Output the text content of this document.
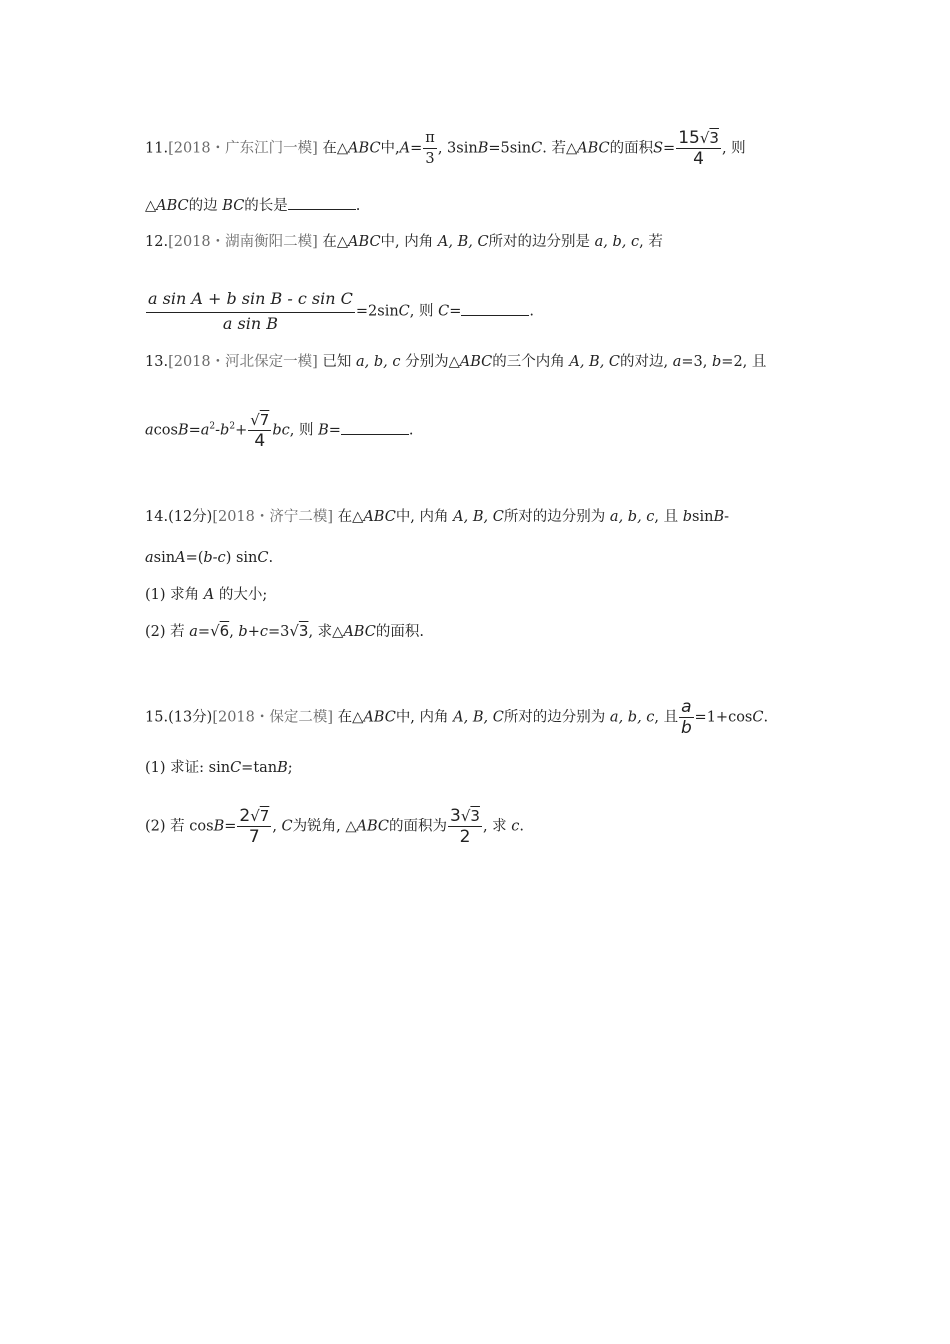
11.[2018・广东江门一模] 在△ABC中$,A= \frac{\pi}{3}$ , 3sinB=5sinC. 若△ABC的面积$S= \frac{15√3}{4}$ , 则
△ABC的边 BC的长是	.
12.[2018・湖南衡阳二模] 在△ABC中, 内角 A, B, C所对的边分别是 a, b, c, 若
$\frac{\text{a sin A + b sin B - c sin C}}{\text{a sin B}} =2\sin C$, 则 C=	.
13.[2018・河北保定一模] 已知 a, b, c 分别为△ABC的三个内角 A, B, C的对边, a=3, b=2, 且
$acosB=a^2-b^2+ \frac{√7}{4}$ bc, 则 B=	.
14.(12分)[2018・济宁二模] 在△ABC中, 内角 A, B, C所对的边分别为 a, b, c, 且 bsinB-
asinA=(b-c) sinC.
(1) 求角 A 的大小;
(2) 若 a=√6, b+c=3√3, 求△ABC的面积.
15.(13分)[2018・保定二模] 在△ABC中, 内角 A, B, C所对的边分别为 a, b, c, 且 $\frac{a}{b} =1+\cos C$.
(1) 求证: sinC=tanB;
(2) 若 $\cos B= \frac{2√7}{7}$ , C为锐角, △ABC的面积为 $\frac{3√3}{2}$ , 求 c.
